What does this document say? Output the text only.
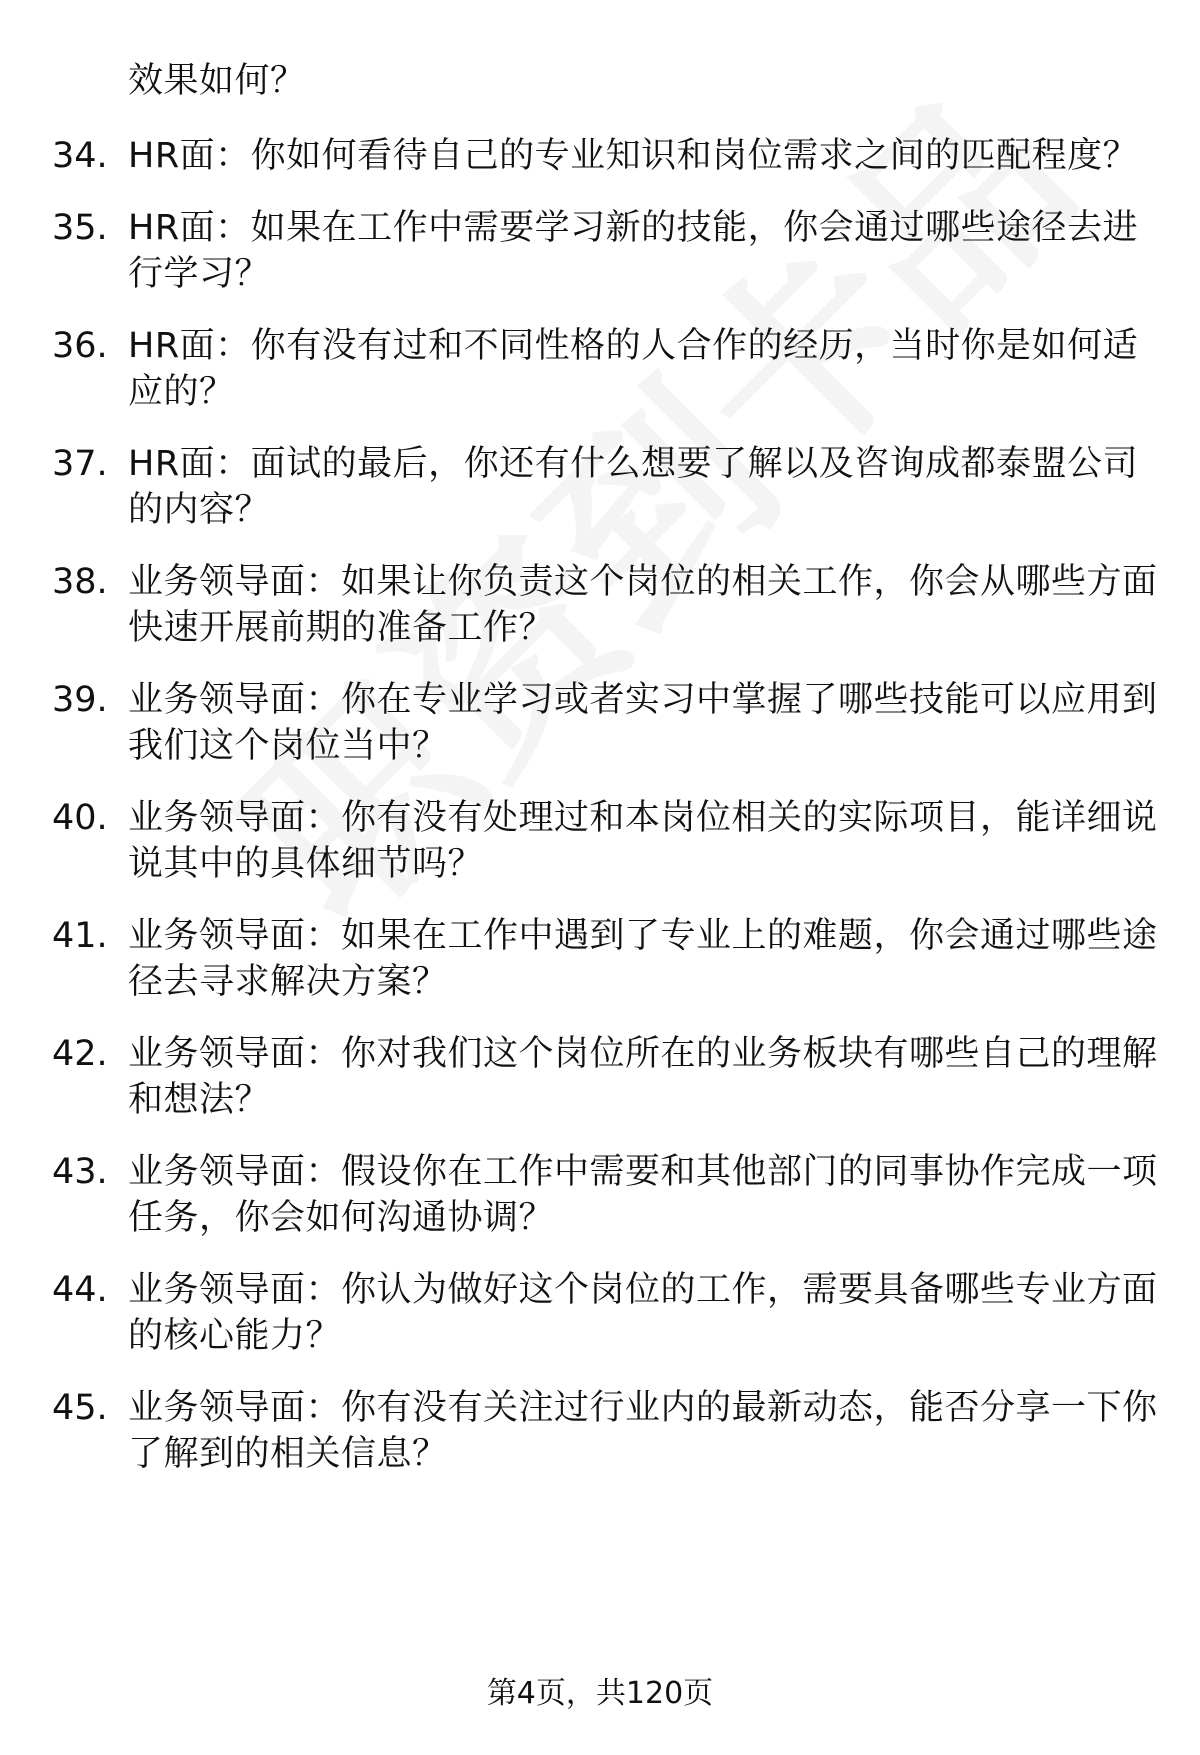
效果如何？
34. HR面：你如何看待自己的专业知识和岗位需求之间的匹配程度？
35. HR面：如果在工作中需要学习新的技能，你会通过哪些途径去进行学习？
36. HR面：你有没有过和不同性格的人合作的经历，当时你是如何适应的？
37. HR面：面试的最后，你还有什么想要了解以及咨询成都泰盟公司的内容？
38. 业务领导面：如果让你负责这个岗位的相关工作，你会从哪些方面快速开展前期的准备工作？
39. 业务领导面：你在专业学习或者实习中掌握了哪些技能可以应用到我们这个岗位当中？
40. 业务领导面：你有没有处理过和本岗位相关的实际项目，能详细说说其中的具体细节吗？
41. 业务领导面：如果在工作中遇到了专业上的难题，你会通过哪些途径去寻求解决方案？
42. 业务领导面：你对我们这个岗位所在的业务板块有哪些自己的理解和想法？
43. 业务领导面：假设你在工作中需要和其他部门的同事协作完成一项任务，你会如何沟通协调？
44. 业务领导面：你认为做好这个岗位的工作，需要具备哪些专业方面的核心能力？
45. 业务领导面：你有没有关注过行业内的最新动态，能否分享一下你了解到的相关信息？
第4页，共120页
